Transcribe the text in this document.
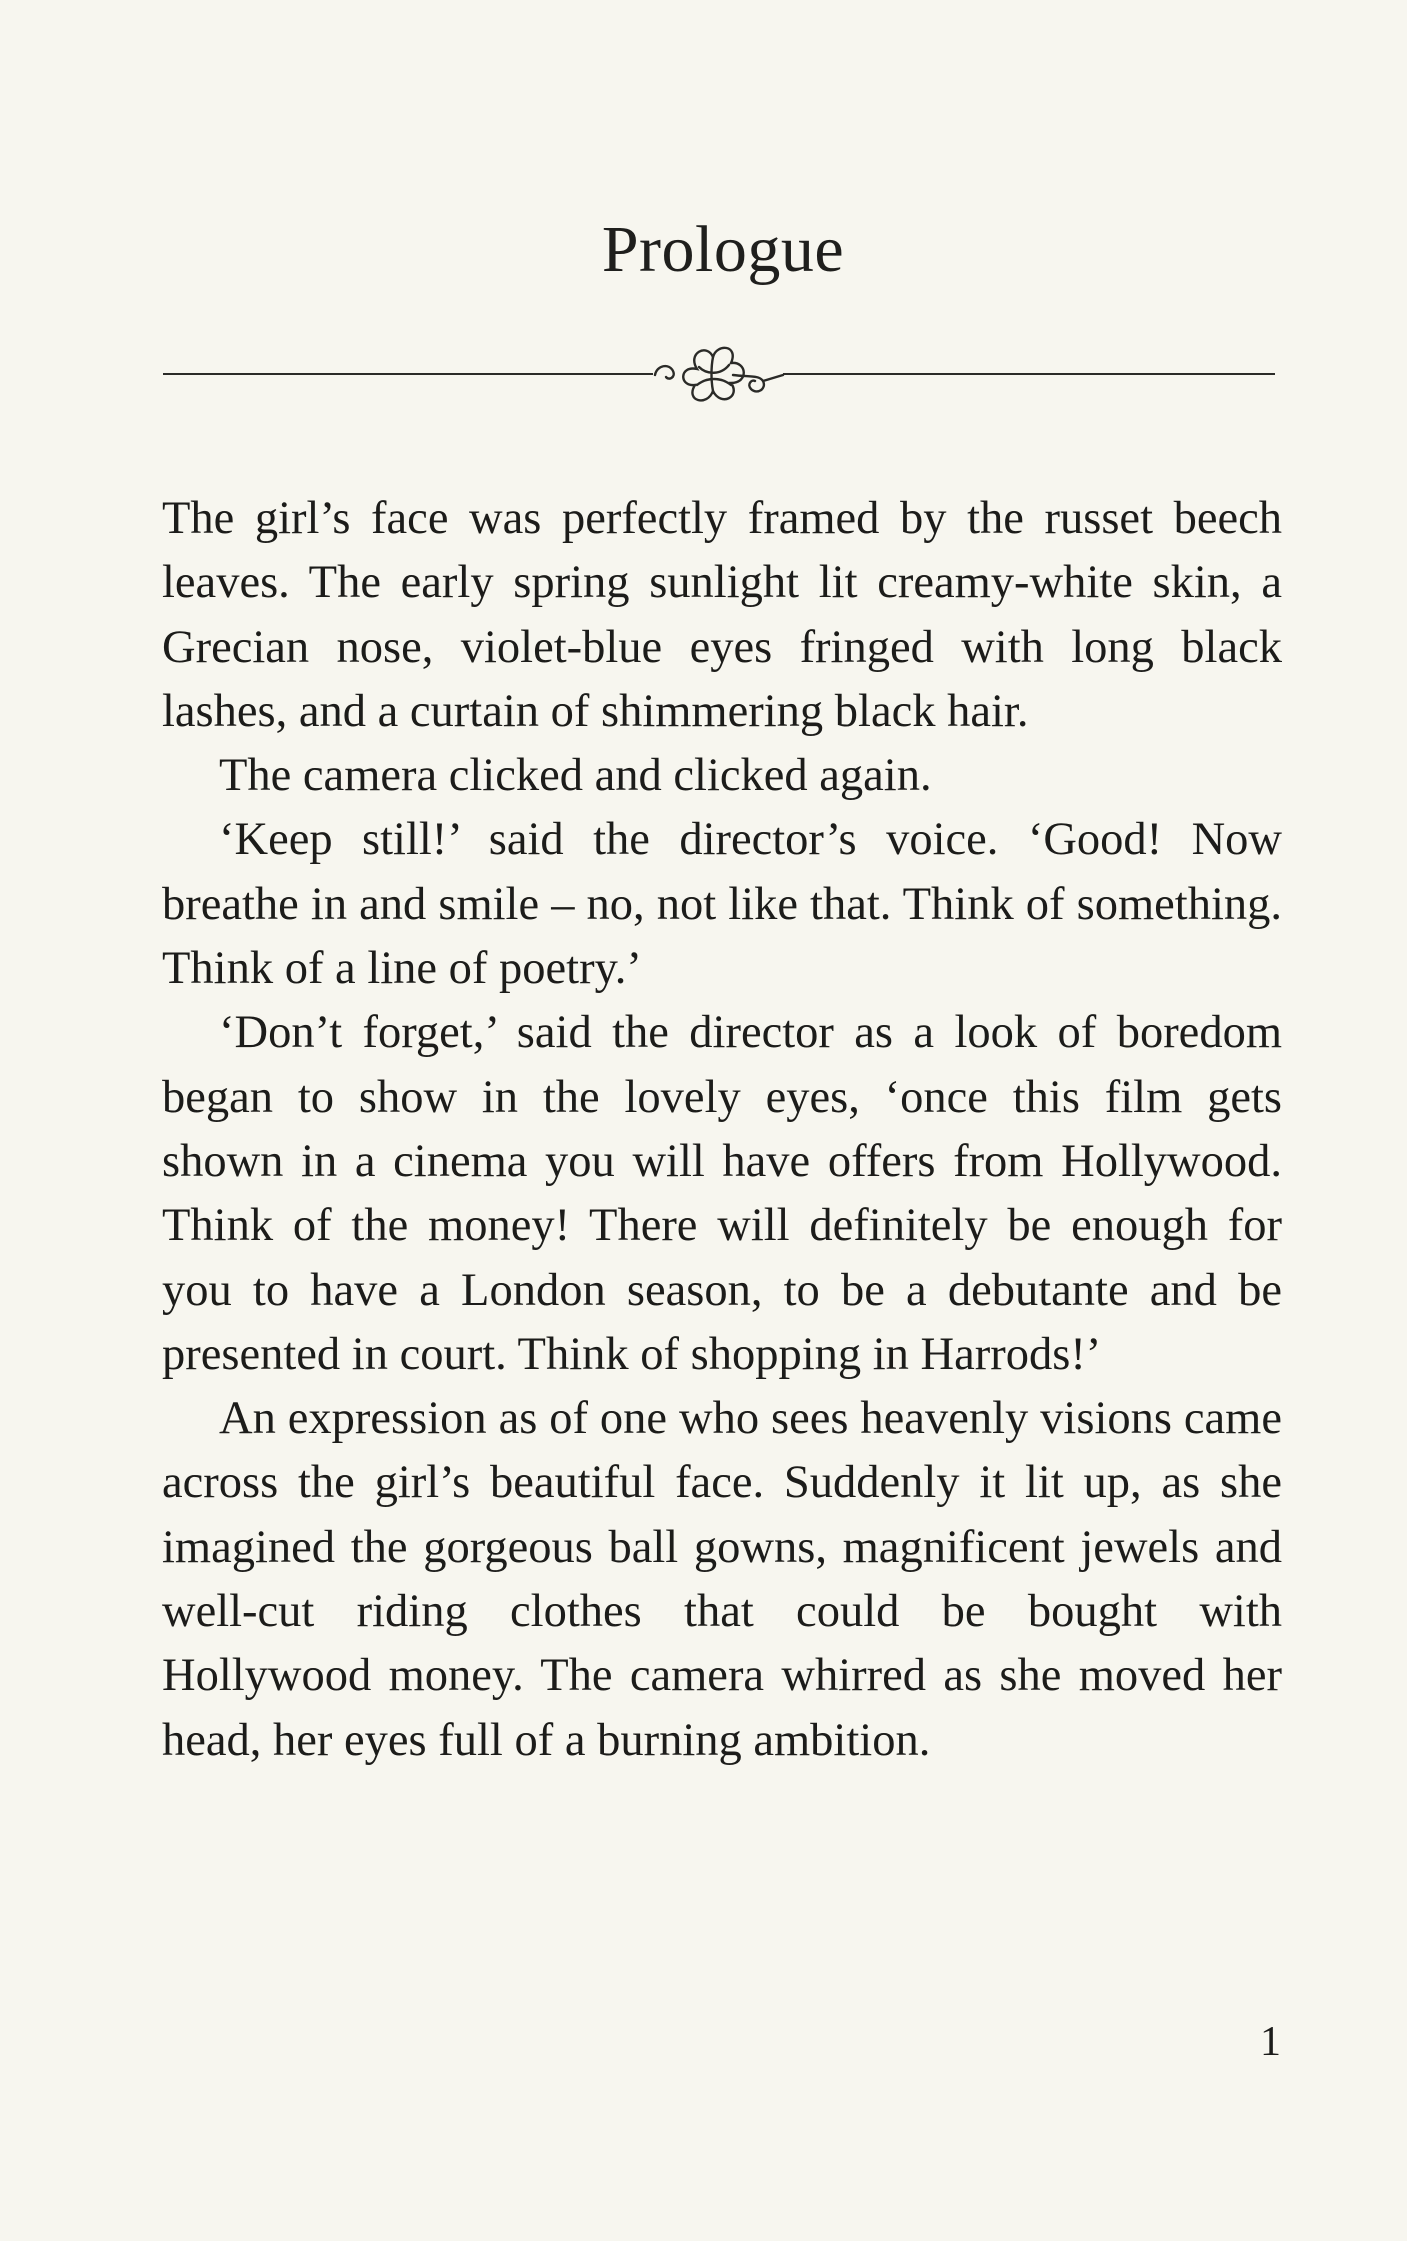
Prologue

The girl’s face was perfectly framed by the russet beech leaves. The early spring sunlight lit creamy-white skin, a Grecian nose, violet-blue eyes fringed with long black lashes, and a curtain of shimmering black hair.

The camera clicked and clicked again.

‘Keep still!’ said the director’s voice. ‘Good! Now breathe in and smile – no, not like that. Think of something. Think of a line of poetry.’

‘Don’t forget,’ said the director as a look of boredom began to show in the lovely eyes, ‘once this film gets shown in a cinema you will have offers from Hollywood. Think of the money! There will definitely be enough for you to have a London season, to be a debutante and be presented in court. Think of shopping in Harrods!’

An expression as of one who sees heavenly visions came across the girl’s beautiful face. Suddenly it lit up, as she imagined the gorgeous ball gowns, magnificent jewels and well-cut riding clothes that could be bought with Hollywood money. The camera whirred as she moved her head, her eyes full of a burning ambition.

1
